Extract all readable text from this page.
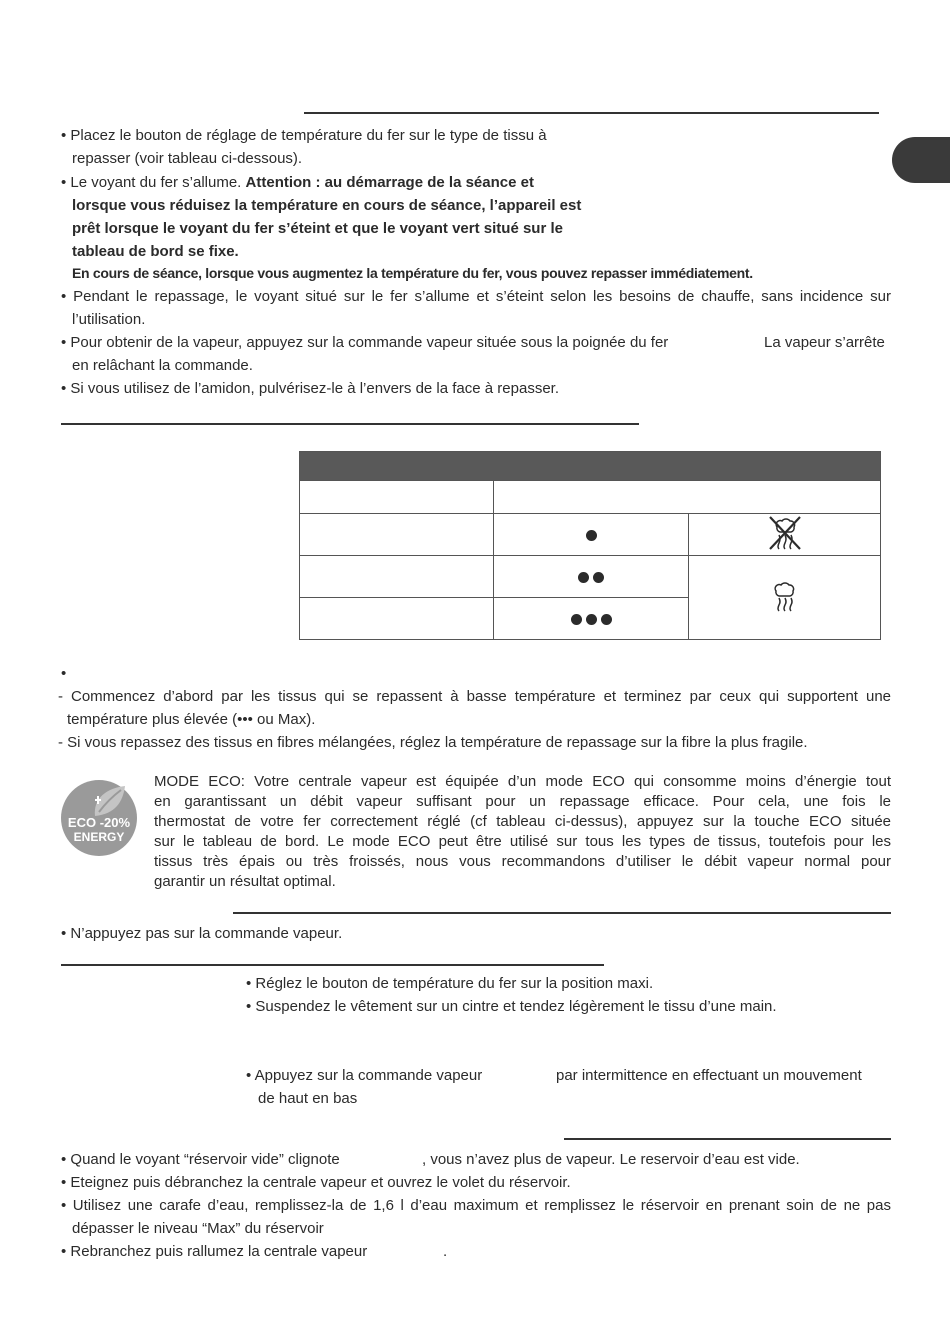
• Placez le bouton de réglage de température du fer sur le type de tissu à
repasser (voir tableau ci-dessous).
• Le voyant du fer s’allume. Attention : au démarrage de la séance et
lorsque vous réduisez la température en cours de séance, l’appareil est
prêt lorsque le voyant du fer s’éteint et que le voyant vert situé sur le
tableau de bord se fixe.
En cours de séance, lorsque vous augmentez la température du fer, vous pouvez repasser immédiatement.
• Pendant le repassage, le voyant situé sur le fer s’allume et s’éteint selon les besoins de chauffe, sans incidence sur
l’utilisation.
• Pour obtenir de la vapeur, appuyez sur la commande vapeur située sous la poignée du fer	La vapeur s’arrête
en relâchant la commande.
• Si vous utilisez de l’amidon, pulvérisez-le à l’envers de la face à repasser.

•
- Commencez d’abord par les tissus qui se repassent à basse température et terminez par ceux qui supportent une
température plus élevée (••• ou Max).
- Si vous repassez des tissus en fibres mélangées, réglez la température de repassage sur la fibre la plus fragile.
ECO -20%
ENERGY
MODE ECO: Votre centrale vapeur est équipée d’un mode ECO qui consomme moins d’énergie tout
en garantissant un débit vapeur suffisant pour un repassage efficace. Pour cela, une fois le
thermostat de votre fer correctement réglé (cf tableau ci-dessus), appuyez sur la touche ECO située
sur le tableau de bord. Le mode ECO peut être utilisé sur tous les types de tissus, toutefois pour les
tissus très épais ou très froissés, nous vous recommandons d’utiliser le débit vapeur normal pour
garantir un résultat optimal.
• N’appuyez pas sur la commande vapeur.
• Réglez le bouton de température du fer sur la position maxi.
• Suspendez le vêtement sur un cintre et tendez légèrement le tissu d’une main.
• Appuyez sur la commande vapeur	par intermittence en effectuant un mouvement
de haut en bas
• Quand le voyant “réservoir vide” clignote	, vous n’avez plus de vapeur. Le reservoir d’eau est vide.
• Eteignez puis débranchez la centrale vapeur et ouvrez le volet du réservoir.
• Utilisez une carafe d’eau, remplissez-la de 1,6 l d’eau maximum et remplissez le réservoir en prenant soin de ne pas
dépasser le niveau “Max” du réservoir
• Rebranchez puis rallumez la centrale vapeur	.
